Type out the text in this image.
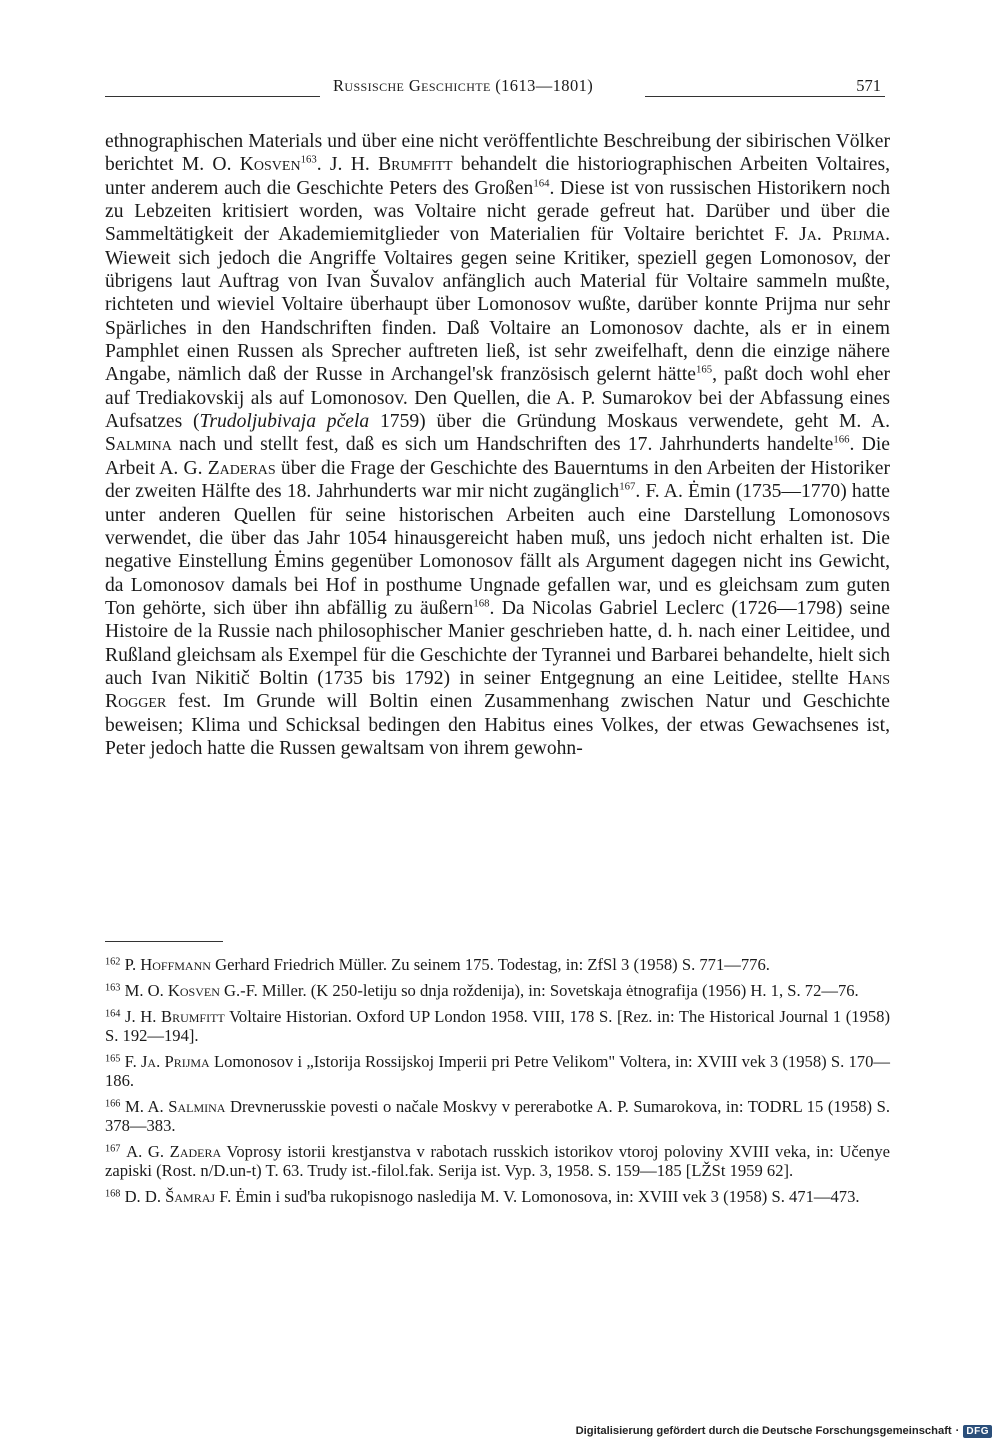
Russische Geschichte (1613—1801)	571

ethnographischen Materials und über eine nicht veröffentlichte Beschreibung der sibirischen Völker berichtet M. O. Kosven$^{163}$. J. H. Brumfitt behandelt die historiographischen Arbeiten Voltaires, unter anderem auch die Geschichte Peters des Großen$^{164}$. Diese ist von russischen Historikern noch zu Lebzeiten kritisiert worden, was Voltaire nicht gerade gefreut hat. Darüber und über die Sammeltätigkeit der Akademiemitglieder von Materialien für Voltaire berichtet F. Ja. Prijma. Wieweit sich jedoch die Angriffe Voltaires gegen seine Kritiker, speziell gegen Lomonosov, der übrigens laut Auftrag von Ivan Šuvalov anfänglich auch Material für Voltaire sammeln mußte, richteten und wieviel Voltaire überhaupt über Lomonosov wußte, darüber konnte Prijma nur sehr Spärliches in den Handschriften finden. Daß Voltaire an Lomonosov dachte, als er in einem Pamphlet einen Russen als Sprecher auftreten ließ, ist sehr zweifelhaft, denn die einzige nähere Angabe, nämlich daß der Russe in Archangel'sk französisch gelernt hätte$^{165}$, paßt doch wohl eher auf Trediakovskij als auf Lomonosov. Den Quellen, die A. P. Sumarokov bei der Abfassung eines Aufsatzes (Trudoljubivaja pčela 1759) über die Gründung Moskaus verwendete, geht M. A. Salmina nach und stellt fest, daß es sich um Handschriften des 17. Jahrhunderts handelte$^{166}$. Die Arbeit A. G. Zaderas über die Frage der Geschichte des Bauerntums in den Arbeiten der Historiker der zweiten Hälfte des 18. Jahrhunderts war mir nicht zugänglich$^{167}$. F. A. Ėmin (1735—1770) hatte unter anderen Quellen für seine historischen Arbeiten auch eine Darstellung Lomonosovs verwendet, die über das Jahr 1054 hinausgereicht haben muß, uns jedoch nicht erhalten ist. Die negative Einstellung Ėmins gegenüber Lomonosov fällt als Argument dagegen nicht ins Gewicht, da Lomonosov damals bei Hof in posthume Ungnade gefallen war, und es gleichsam zum guten Ton gehörte, sich über ihn abfällig zu äußern$^{168}$. Da Nicolas Gabriel Leclerc (1726—1798) seine Histoire de la Russie nach philosophischer Manier geschrieben hatte, d. h. nach einer Leitidee, und Rußland gleichsam als Exempel für die Geschichte der Tyrannei und Barbarei behandelte, hielt sich auch Ivan Nikitič Boltin (1735 bis 1792) in seiner Entgegnung an eine Leitidee, stellte Hans Rogger fest. Im Grunde will Boltin einen Zusammenhang zwischen Natur und Geschichte beweisen; Klima und Schicksal bedingen den Habitus eines Volkes, der etwas Gewachsenes ist, Peter jedoch hatte die Russen gewaltsam von ihrem gewohn-

$^{162}$ P. Hoffmann Gerhard Friedrich Müller. Zu seinem 175. Todestag, in: ZfSl 3 (1958) S. 771—776.

$^{163}$ M. O. Kosven G.-F. Miller. (K 250-letiju so dnja roždenija), in: Sovetskaja ėtnografija (1956) H. 1, S. 72—76.

$^{164}$ J. H. Brumfitt Voltaire Historian. Oxford UP London 1958. VIII, 178 S. [Rez. in: The Historical Journal 1 (1958) S. 192—194].

$^{165}$ F. Ja. Prijma Lomonosov i „Istorija Rossijskoj Imperii pri Petre Velikom" Voltera, in: XVIII vek 3 (1958) S. 170—186.

$^{166}$ M. A. Salmina Drevnerusskie povesti o načale Moskvy v pererabotke A. P. Sumarokova, in: TODRL 15 (1958) S. 378—383.

$^{167}$ A. G. Zadera Voprosy istorii krestjanstva v rabotach russkich istorikov vtoroj poloviny XVIII veka, in: Učenye zapiski (Rost. n/D.un-t) T. 63. Trudy ist.-filol.fak. Serija ist. Vyp. 3, 1958. S. 159—185 [LŽSt 1959 62].

$^{168}$ D. D. Šamraj F. Ėmin i sud'ba rukopisnogo nasledija M. V. Lomonosova, in: XVIII vek 3 (1958) S. 471—473.

Digitalisierung gefördert durch die Deutsche Forschungsgemeinschaft · DFG
